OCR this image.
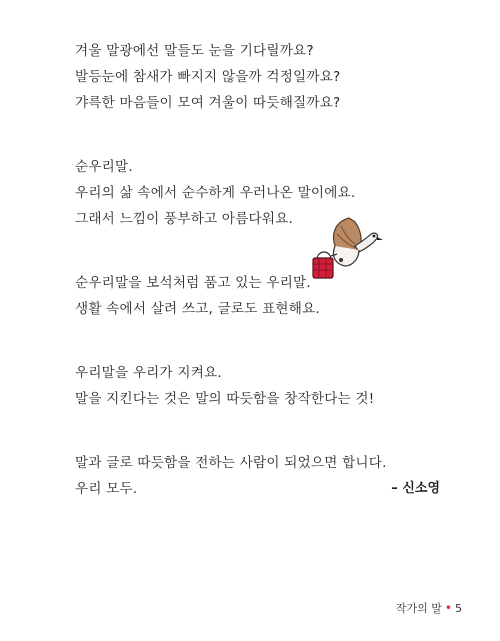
겨울 말광에선 말들도 눈을 기다릴까요?
발등눈에 참새가 빠지지 않을까 걱정일까요?
갸륵한 마음들이 모여 겨울이 따듯해질까요?
순우리말.
우리의 삶 속에서 순수하게 우러나온 말이에요.
그래서 느낌이 풍부하고 아름다워요.
순우리말을 보석처럼 품고 있는 우리말.
생활 속에서 살려 쓰고, 글로도 표현해요.
우리말을 우리가 지켜요.
말을 지킨다는 것은 말의 따듯함을 창작한다는 것!
말과 글로 따듯함을 전하는 사람이 되었으면 합니다.
우리 모두.	– 신소영
작가의 말 • 5
